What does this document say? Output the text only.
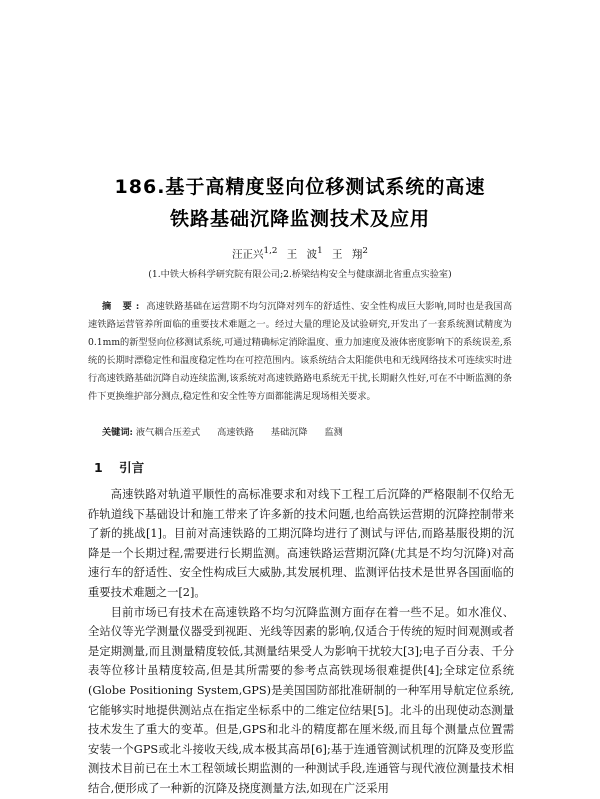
186.基于高精度竖向位移测试系统的高速
铁路基础沉降监测技术及应用
汪正兴$^{1,2}$ 王 波$^1$ 王 翔$^2$
(1.中铁大桥科学研究院有限公司;2.桥梁结构安全与健康湖北省重点实验室)
摘 要: 高速铁路基础在运营期不均匀沉降对列车的舒适性、安全性构成巨大影响,同时也是我国高速铁路运营管养所面临的重要技术难题之一。经过大量的理论及试验研究,开发出了一套系统测试精度为0.1mm的新型竖向位移测试系统,可通过精确标定消除温度、重力加速度及液体密度影响下的系统误差,系统的长期时漂稳定性和温度稳定性均在可控范围内。该系统结合太阳能供电和无线网络技术可连续实时进行高速铁路基础沉降自动连续监测,该系统对高速铁路路电系统无干扰,长期耐久性好,可在不中断监测的条件下更换维护部分测点,稳定性和安全性等方面都能满足现场相关要求。
关键词: 液气耦合压差式 高速铁路 基础沉降 监测
1 引言

高速铁路对轨道平顺性的高标准要求和对线下工程工后沉降的严格限制不仅给无砟轨道线下基础设计和施工带来了许多新的技术问题,也给高铁运营期的沉降控制带来了新的挑战[1]。目前对高速铁路的工期沉降均进行了测试与评估,而路基服役期的沉降是一个长期过程,需要进行长期监测。高速铁路运营期沉降(尤其是不均匀沉降)对高速行车的舒适性、安全性构成巨大威胁,其发展机理、监测评估技术是世界各国面临的重要技术难题之一[2]。

目前市场已有技术在高速铁路不均匀沉降监测方面存在着一些不足。如水准仪、全站仪等光学测量仪器受到视距、光线等因素的影响,仅适合于传统的短时间观测或者是定期测量,而且测量精度较低,其测量结果受人为影响干扰较大[3];电子百分表、千分表等位移计虽精度较高,但是其所需要的参考点高铁现场很难提供[4];全球定位系统(Globe Positioning System,GPS)是美国国防部批准研制的一种军用导航定位系统,它能够实时地提供测站点在指定坐标系中的二维定位结果[5]。北斗的出现使动态测量技术发生了重大的变革。但是,GPS和北斗的精度都在厘米级,而且每个测量点位置需安装一个GPS或北斗接收天线,成本极其高昂[6];基于连通管测试机理的沉降及变形监测技术目前已在土木工程领域长期监测的一种测试手段,连通管与现代液位测量技术相结合,便形成了一种新的沉降及挠度测量方法,如现在广泛采用
